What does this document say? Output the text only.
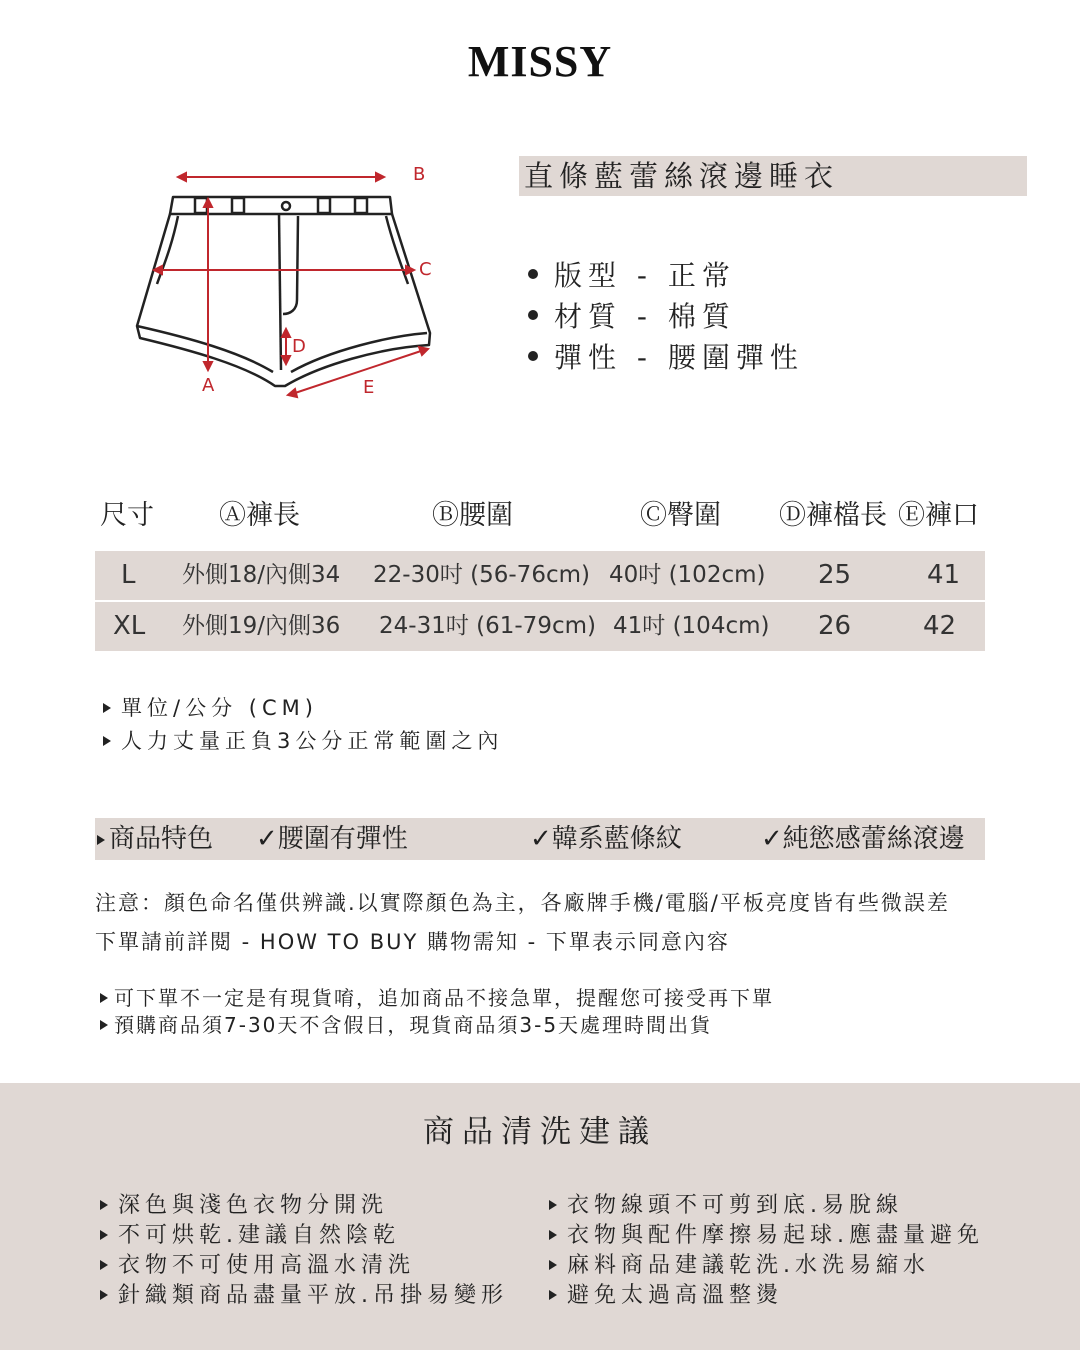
MISSY
B
C
A
D
E
直條藍蕾絲滾邊睡衣
版型 - 正常
材質 - 棉質
彈性 - 腰圍彈性
尺寸 Ⓐ褲長	Ⓑ腰圍	Ⓒ臀圍 Ⓓ褲檔長 Ⓔ褲口
L 外側18/內側34 22-30吋 (56-76cm) 40吋 (102cm) 25	41
XL 外側19/內側36 24-31吋 (61-79cm) 41吋 (104cm) 26	42
單位/公分 (CM)
人力丈量正負3公分正常範圍之內
商品特色 ✓腰圍有彈性	✓韓系藍條紋	✓純慾感蕾絲滾邊
注意：顏色命名僅供辨識.以實際顏色為主，各廠牌手機/電腦/平板亮度皆有些微誤差
下單請前詳閱 - HOW TO BUY 購物需知 - 下單表示同意內容
可下單不一定是有現貨唷，追加商品不接急單，提醒您可接受再下單
預購商品須7-30天不含假日，現貨商品須3-5天處理時間出貨
商品清洗建議
深色與淺色衣物分開洗
不可烘乾.建議自然陰乾
衣物不可使用高溫水清洗
針織類商品盡量平放.吊掛易變形
衣物線頭不可剪到底.易脫線
衣物與配件摩擦易起球.應盡量避免
麻料商品建議乾洗.水洗易縮水
避免太過高溫整燙
